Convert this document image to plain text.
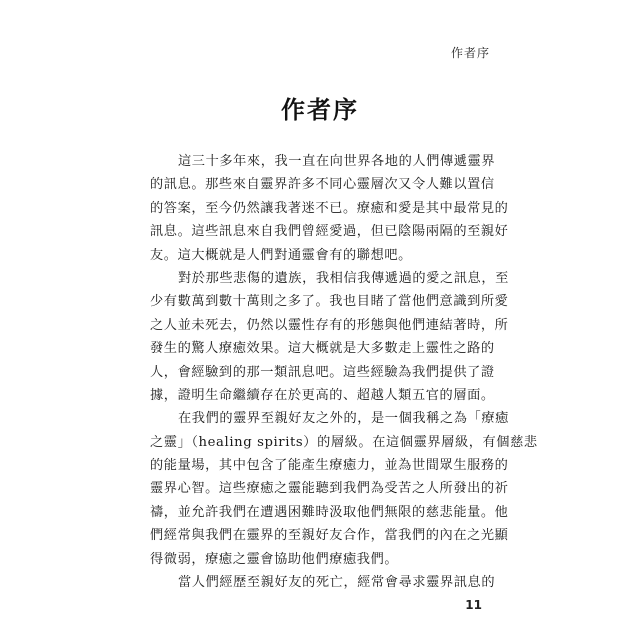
作者序
作者序
這三十多年來，我一直在向世界各地的人們傳遞靈界
的訊息。那些來自靈界許多不同心靈層次又令人難以置信
的答案，至今仍然讓我著迷不已。療癒和愛是其中最常見的
訊息。這些訊息來自我們曾經愛過，但已陰陽兩隔的至親好
友。這大概就是人們對通靈會有的聯想吧。
對於那些悲傷的遺族，我相信我傳遞過的愛之訊息，至
少有數萬到數十萬則之多了。我也目睹了當他們意識到所愛
之人並未死去，仍然以靈性存有的形態與他們連結著時，所
發生的驚人療癒效果。這大概就是大多數走上靈性之路的
人，會經驗到的那一類訊息吧。這些經驗為我們提供了證
據，證明生命繼續存在於更高的、超越人類五官的層面。
在我們的靈界至親好友之外的，是一個我稱之為「療癒
之靈」（healing spirits）的層級。在這個靈界層級，有個慈悲
的能量場，其中包含了能產生療癒力，並為世間眾生服務的
靈界心智。這些療癒之靈能聽到我們為受苦之人所發出的祈
禱，並允許我們在遭遇困難時汲取他們無限的慈悲能量。他
們經常與我們在靈界的至親好友合作，當我們的內在之光顯
得微弱，療癒之靈會協助他們療癒我們。
當人們經歷至親好友的死亡，經常會尋求靈界訊息的
11
